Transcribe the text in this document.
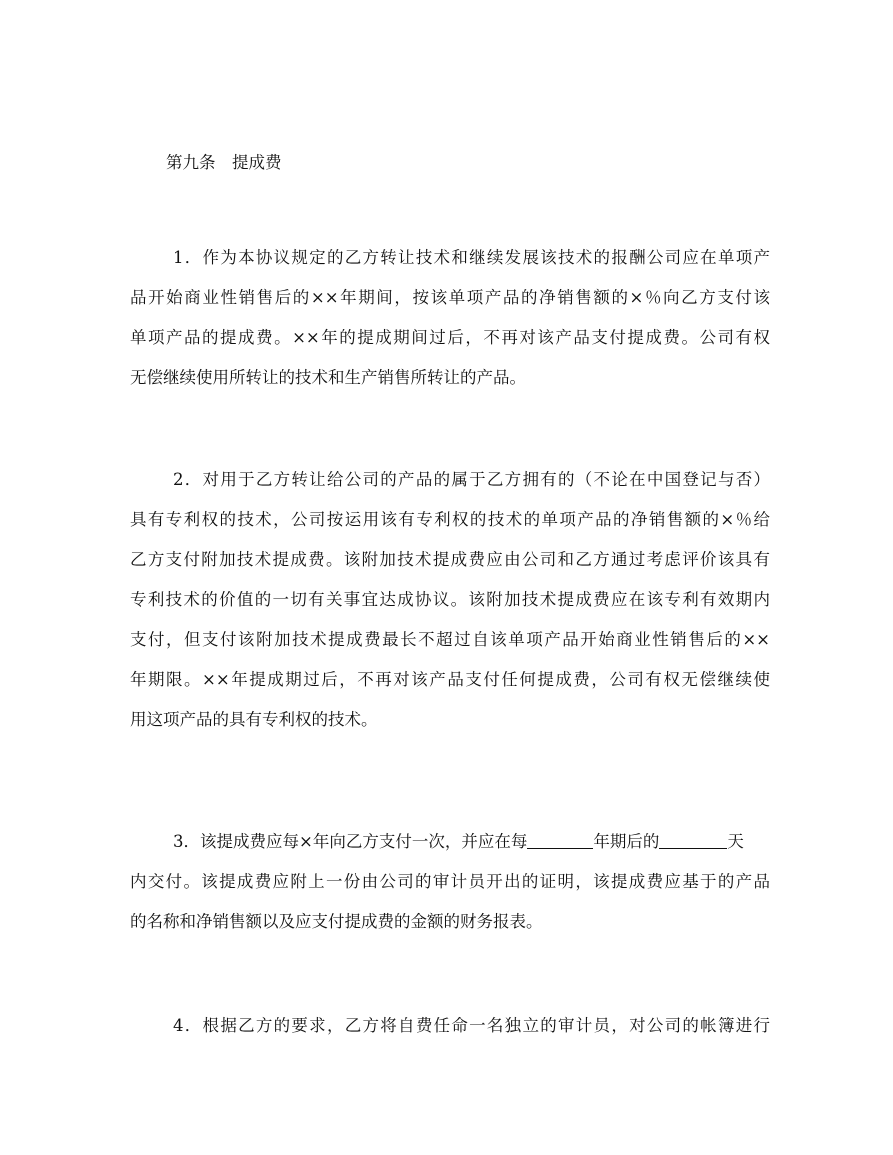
第九条　提成费
1．作为本协议规定的乙方转让技术和继续发展该技术的报酬公司应在单项产
品开始商业性销售后的××年期间，按该单项产品的净销售额的×％向乙方支付该
单项产品的提成费。××年的提成期间过后，不再对该产品支付提成费。公司有权
无偿继续使用所转让的技术和生产销售所转让的产品。
2．对用于乙方转让给公司的产品的属于乙方拥有的（不论在中国登记与否）
具有专利权的技术，公司按运用该有专利权的技术的单项产品的净销售额的×％给
乙方支付附加技术提成费。该附加技术提成费应由公司和乙方通过考虑评价该具有
专利技术的价值的一切有关事宜达成协议。该附加技术提成费应在该专利有效期内
支付，但支付该附加技术提成费最长不超过自该单项产品开始商业性销售后的××
年期限。××年提成期过后，不再对该产品支付任何提成费，公司有权无偿继续使
用这项产品的具有专利权的技术。
3．该提成费应每×年向乙方支付一次，并应在每	年期后的	天
内交付。该提成费应附上一份由公司的审计员开出的证明，该提成费应基于的产品
的名称和净销售额以及应支付提成费的金额的财务报表。
4．根据乙方的要求，乙方将自费任命一名独立的审计员，对公司的帐簿进行
